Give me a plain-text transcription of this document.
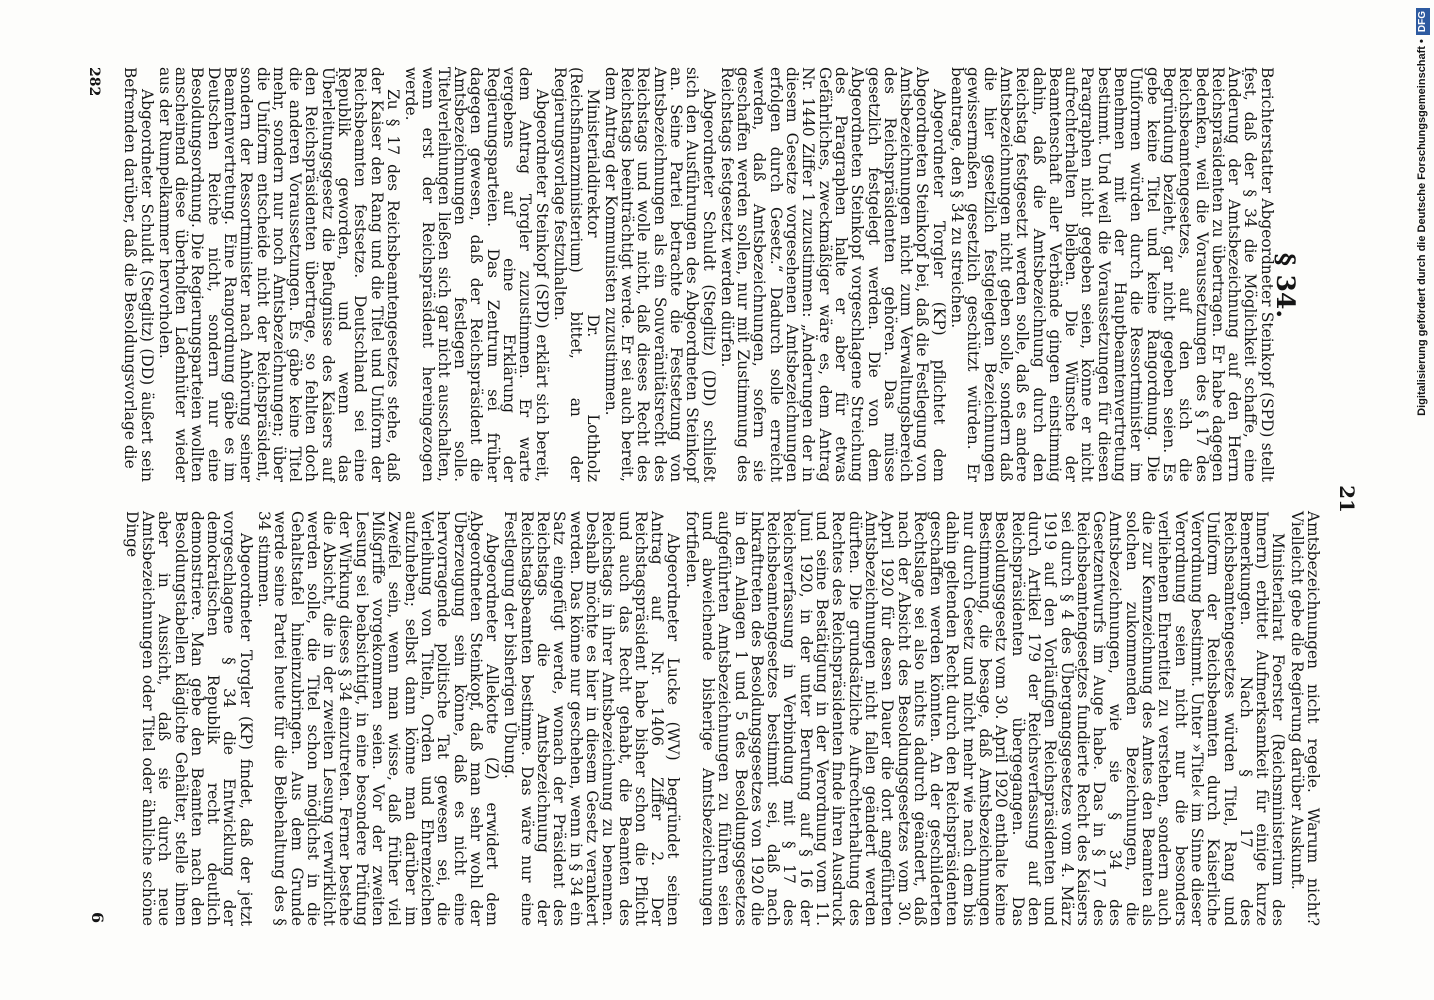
21

§ 34.

Berichterstatter Abgeordneter Steinkopf (SPD) stellt fest, daß der § 34 die Möglichkeit schaffe, eine Änderung der Amtsbezeichnung auf den Herrn Reichspräsidenten zu übertragen. Er habe dagegen Bedenken, weil die Voraussetzungen des § 17 des Reichsbeamtengesetzes, auf den sich die Begründung bezieht, gar nicht gegeben seien. Es gebe keine Titel und keine Rangordnung. Die Uniformen würden durch die Ressortminister im Benehmen mit der Hauptbeamtenvertretung bestimmt. Und weil die Voraussetzungen für diesen Paragraphen nicht gegeben seien, könne er nicht aufrechterhalten bleiben. Die Wünsche der Beamtenschaft aller Verbände gingen einstimmig dahin, daß die Amtsbezeichnung durch den Reichstag festgesetzt werden solle, daß es andere Amtsbezeichnungen nicht geben solle, sondern daß die hier gesetzlich festgelegten Bezeichnungen gewissermaßen gesetzlich geschützt würden. Er beantrage, den § 34 zu streichen.

Abgeordneter Torgler (KP) pflichtet dem Abgeordneten Steinkopf bei, daß die Festlegung von Amtsbezeichnungen nicht zum Verwaltungsbereich des Reichspräsidenten gehören. Das müsse gesetzlich festgelegt werden. Die von dem Abgeordneten Steinkopf vorgeschlagene Streichung des Paragraphen halte er aber für etwas Gefährliches, zweckmäßiger wäre es, dem Antrag Nr. 1440 Ziffer 1 zuzustimmen: „Änderungen der in diesem Gesetze vorgesehenen Amtsbezeichnungen erfolgen durch Gesetz.“ Dadurch solle erreicht werden, daß Amtsbezeichnungen, sofern sie geschaffen werden sollen, nur mit Zustimmung des Reichstags festgesetzt werden dürfen.

Abgeordneter Schuldt (Steglitz) (DD) schließt sich den Ausführungen des Abgeordneten Steinkopf an. Seine Partei betrachte die Festsetzung von Amtsbezeichnungen als ein Souveränitätsrecht des Reichstags und wolle nicht, daß dieses Recht des Reichstags beeinträchtigt werde. Er sei auch bereit, dem Antrag der Kommunisten zuzustimmen.

Ministerialdirektor Dr. Lothholz (Reichsfinanzministerium) bittet, an der Regierungsvorlage festzuhalten.

Abgeordneter Steinkopf (SPD) erklärt sich bereit, dem Antrag Torgler zuzustimmen. Er warte vergebens auf eine Erklärung der Regierungsparteien. Das Zentrum sei früher dagegen gewesen, daß der Reichspräsident die Amtsbezeichnungen festlegen solle. Titelverleihungen ließen sich gar nicht ausschalten, wenn erst der Reichspräsident hereingezogen werde.

Zu § 17 des Reichsbeamtengesetzes stehe, daß der Kaiser den Rang und die Titel und Uniform der Reichsbeamten festsetze. Deutschland sei eine Republik geworden, und wenn das Überleitungsgesetz die Befugnisse des Kaisers auf den Reichspräsidenten übertrage, so fehlten doch die anderen Voraussetzungen. Es gäbe keine Titel mehr, sondern nur noch Amtsbezeichnungen; über die Uniform entscheide nicht der Reichspräsident, sondern der Ressortminister nach Anhörung seiner Beamtenvertretung. Eine Rangordnung gäbe es im Deutschen Reiche nicht, sondern nur eine Besoldungsordnung. Die Regierungsparteien wollten anscheinend diese überholten Ladenhüter wieder aus der Rumpelkammer hervorholen.

Abgeordneter Schuldt (Steglitz) (DD) äußert sein Befremden darüber, daß die Besoldungsvorlage die

Amtsbezeichnungen nicht regele. Warum nicht? Vielleicht gebe die Regierung darüber Auskunft.

Ministerialrat Foerster (Reichsministerium des Innern) erbittet Aufmerksamkeit für einige kurze Bemerkungen. Nach § 17 des Reichsbeamtengesetzes würden Titel, Rang und Uniform der Reichsbeamten durch Kaiserliche Verordnung bestimmt. Unter »Titel« im Sinne dieser Verordnung seien nicht nur die besonders verliehenen Ehrentitel zu verstehen, sondern auch die zur Kennzeichnung des Amtes den Beamten als solchen zukommenden Bezeichnungen, die Amtsbezeichnungen, wie sie § 34 des Gesetzentwurfs im Auge habe. Das in § 17 des Reichsbeamtengesetzes fundierte Recht des Kaisers sei durch § 4 des Übergangsgesetzes vom 4. März 1919 auf den Vorläufigen Reichspräsidenten und durch Artikel 179 der Reichsverfassung auf den Reichspräsidenten übergegangen. Das Besoldungsgesetz vom 30. April 1920 enthalte keine Bestimmung, die besage, daß Amtsbezeichnungen nur durch Gesetz und nicht mehr wie nach dem bis dahin geltenden Recht durch den Reichspräsidenten geschaffen werden könnten. An der geschilderten Rechtslage sei also nichts dadurch geändert, daß nach der Absicht des Besoldungsgesetzes vom 30. April 1920 für dessen Dauer die dort angeführten Amtsbezeichnungen nicht fallen geändert werden dürften. Die grundsätzliche Aufrechterhaltung des Rechtes des Reichspräsidenten finde ihren Ausdruck und seine Bestätigung in der Verordnung vom 11. Juni 1920, in der unter Berufung auf § 16 der Reichsverfassung in Verbindung mit § 17 des Reichsbeamtengesetzes bestimmt sei, daß nach Inkrafttreten des Besoldungsgesetzes von 1920 die in den Anlagen 1 und 5 des Besoldungsgesetzes aufgeführten Amtsbezeichnungen zu führen seien und abweichende bisherige Amtsbezeichnungen fortfielen.

Abgeordneter Lucke (WV) begründet seinen Antrag auf Nr. 1406 Ziffer 2. Der Reichstagspräsident habe bisher schon die Pflicht und auch das Recht gehabt, die Beamten des Reichstags in ihrer Amtsbezeichnung zu benennen. Deshalb möchte es hier in diesem Gesetz verankert werden. Das könne nur geschehen, wenn in § 34 ein Satz eingefügt werde, wonach der Präsident des Reichstags die Amtsbezeichnung der Reichstagsbeamten bestimme. Das wäre nur eine Festlegung der bisherigen Übung.

Abgeordneter Allekotte (Z) erwidert dem Abgeordneten Steinkopf, daß man sehr wohl der Überzeugung sein könne, daß es nicht eine hervorragende politische Tat gewesen sei, die Verleihung von Titeln, Orden und Ehrenzeichen aufzuheben; selbst dann könne man darüber im Zweifel sein, wenn man wisse, daß früher viel Mißgriffe vorgekommen seien. Vor der zweiten Lesung sei beabsichtigt, in eine besondere Prüfung der Wirkung dieses § 34 einzutreten. Ferner bestehe die Absicht, die in der zweiten Lesung verwirklicht werden solle, die Titel schon möglichst in die Gehaltstafel hineinzubringen. Aus dem Grunde werde seine Partei heute für die Beibehaltung des § 34 stimmen.

Abgeordneter Torgler (KP) findet, daß der jetzt vorgeschlagene § 34 die Entwicklung der demokratischen Republik recht deutlich demonstriere. Man gebe den Beamten nach den Besoldungstabellen klägliche Gehälter, stelle ihnen aber in Aussicht, daß sie durch neue Amtsbezeichnungen oder Titel oder ähnliche schöne Dinge

282
6
Digitalisierung gefördert durch die Deutsche Forschungsgemeinschaft •DFG
